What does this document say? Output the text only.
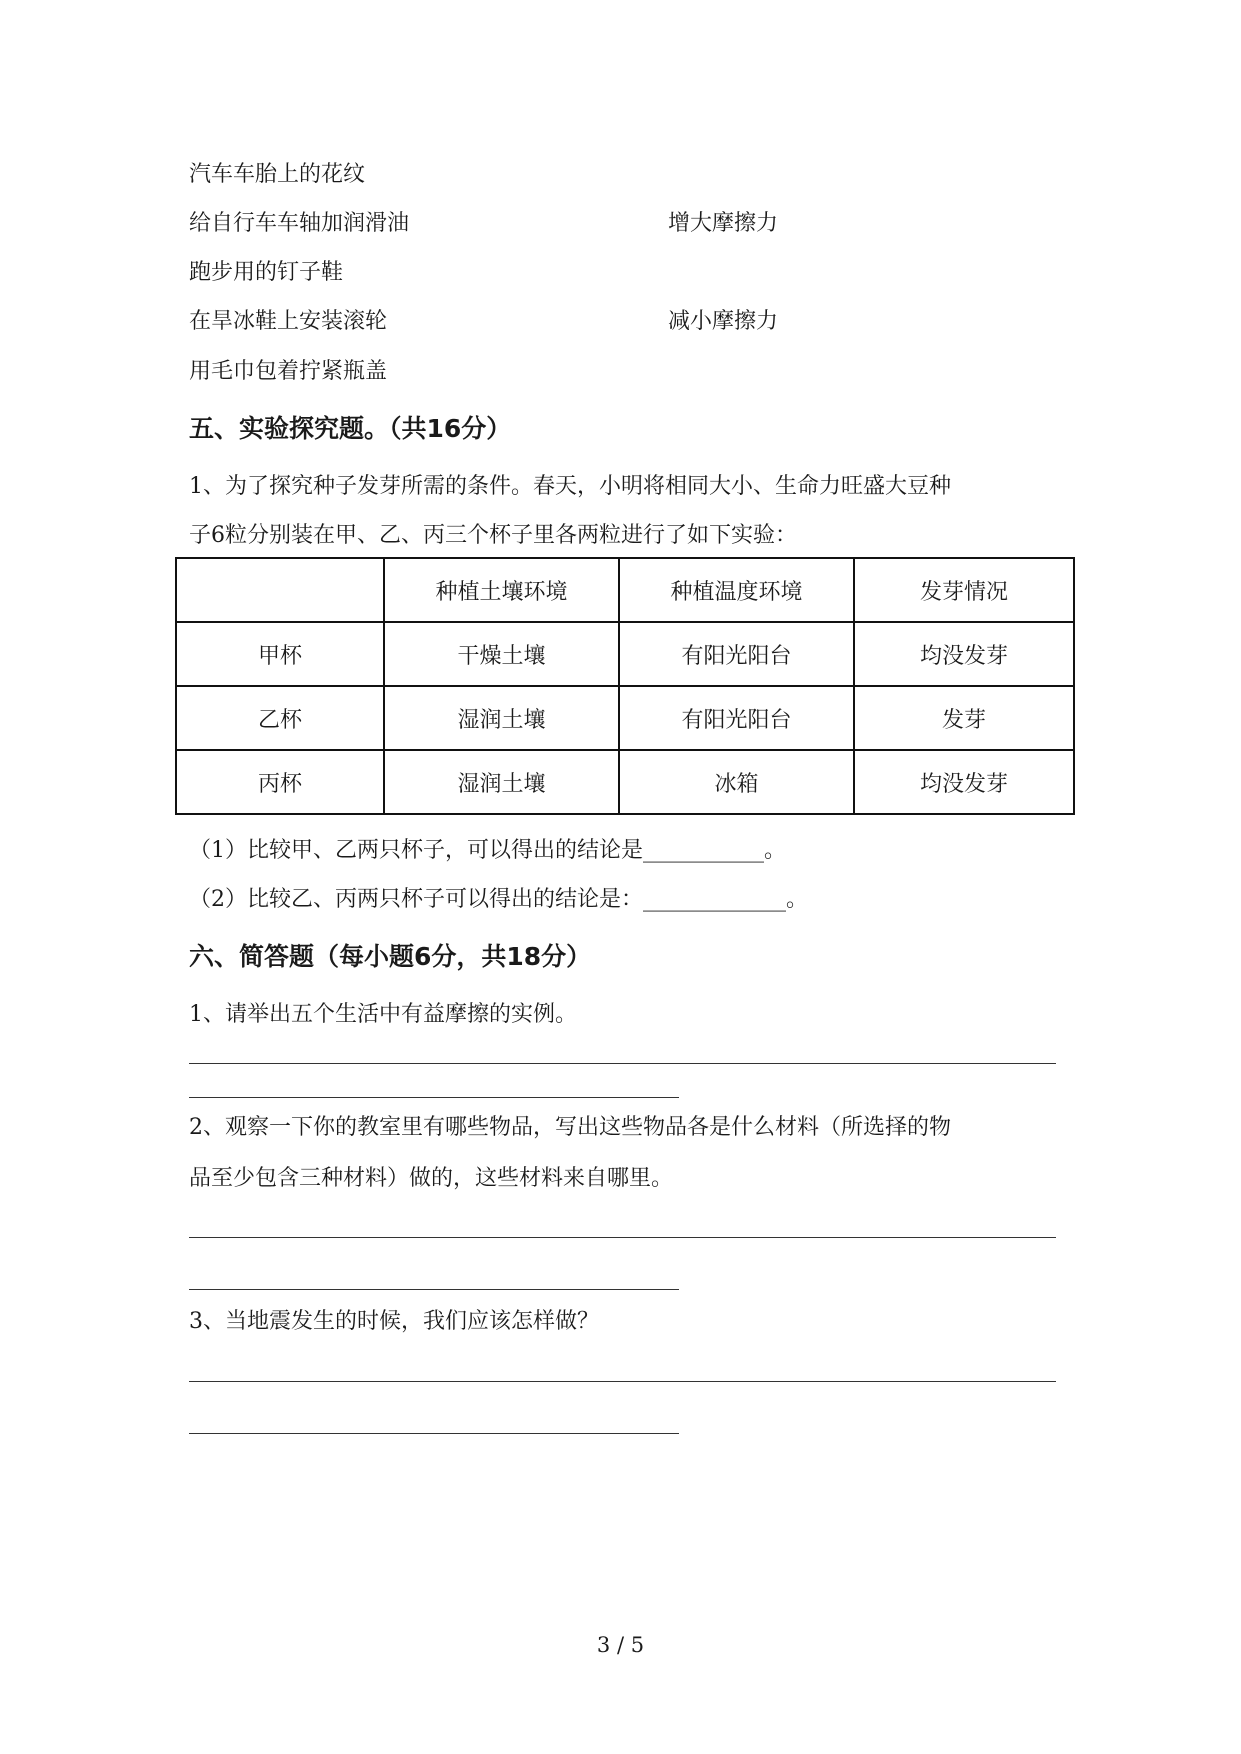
汽车车胎上的花纹
给自行车车轴加润滑油	增大摩擦力
跑步用的钉子鞋
在旱冰鞋上安装滚轮	减小摩擦力
用毛巾包着拧紧瓶盖
五、实验探究题。（共16分）
1、为了探究种子发芽所需的条件。春天，小明将相同大小、生命力旺盛大豆种
子6粒分别装在甲、乙、丙三个杯子里各两粒进行了如下实验：
	种植土壤环境	种植温度环境	发芽情况
甲杯	干燥土壤	有阳光阳台	均没发芽
乙杯	湿润土壤	有阳光阳台	发芽
丙杯	湿润土壤	冰箱	均没发芽
（1）比较甲、乙两只杯子，可以得出的结论是___________。
（2）比较乙、丙两只杯子可以得出的结论是：_____________。
六、简答题（每小题6分，共18分）
1、请举出五个生活中有益摩擦的实例。
2、观察一下你的教室里有哪些物品，写出这些物品各是什么材料（所选择的物
品至少包含三种材料）做的，这些材料来自哪里。
3、当地震发生的时候，我们应该怎样做？
3 / 5
